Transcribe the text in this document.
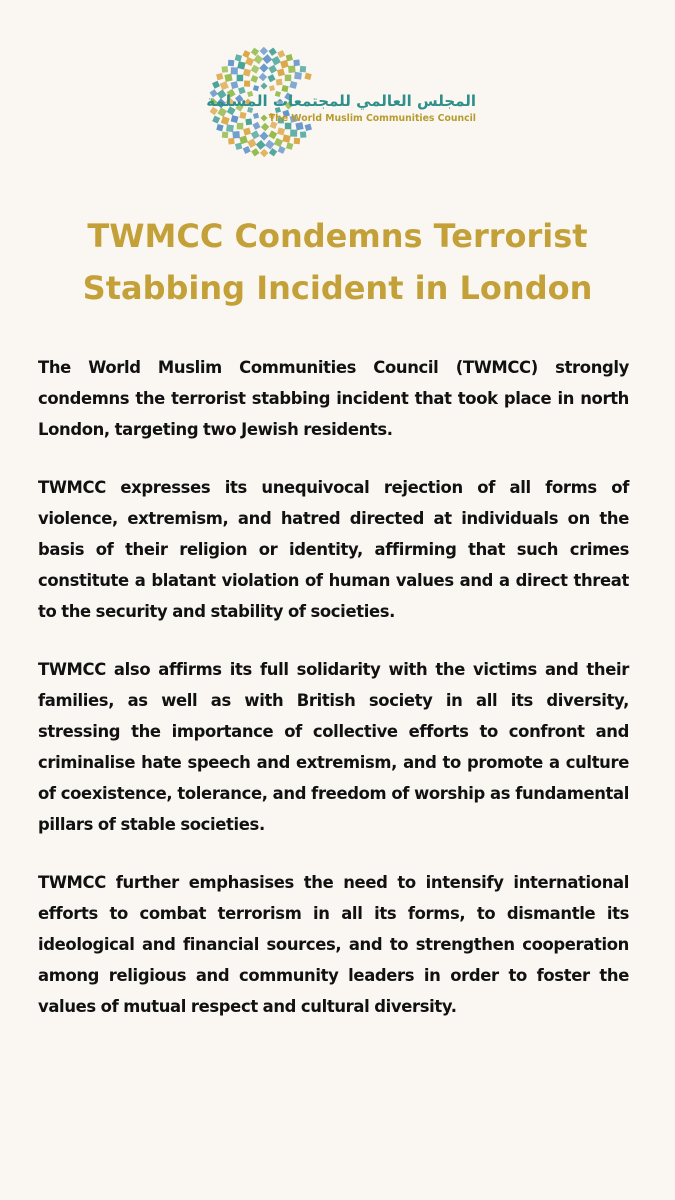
المجلس العالمي للمجتمعات المسلمة
The World Muslim Communities Council
TWMCC Condemns Terrorist
Stabbing Incident in London

The World Muslim Communities Council (TWMCC) strongly condemns the terrorist stabbing incident that took place in north London, targeting two Jewish residents.

TWMCC expresses its unequivocal rejection of all forms of violence, extremism, and hatred directed at individuals on the basis of their religion or identity, affirming that such crimes constitute a blatant violation of human values and a direct threat to the security and stability of societies.

TWMCC also affirms its full solidarity with the victims and their families, as well as with British society in all its diversity, stressing the importance of collective efforts to confront and criminalise hate speech and extremism, and to promote a culture of coexistence, tolerance, and freedom of worship as fundamental pillars of stable societies.

TWMCC further emphasises the need to intensify international efforts to combat terrorism in all its forms, to dismantle its ideological and financial sources, and to strengthen cooperation among religious and community leaders in order to foster the values of mutual respect and cultural diversity.
